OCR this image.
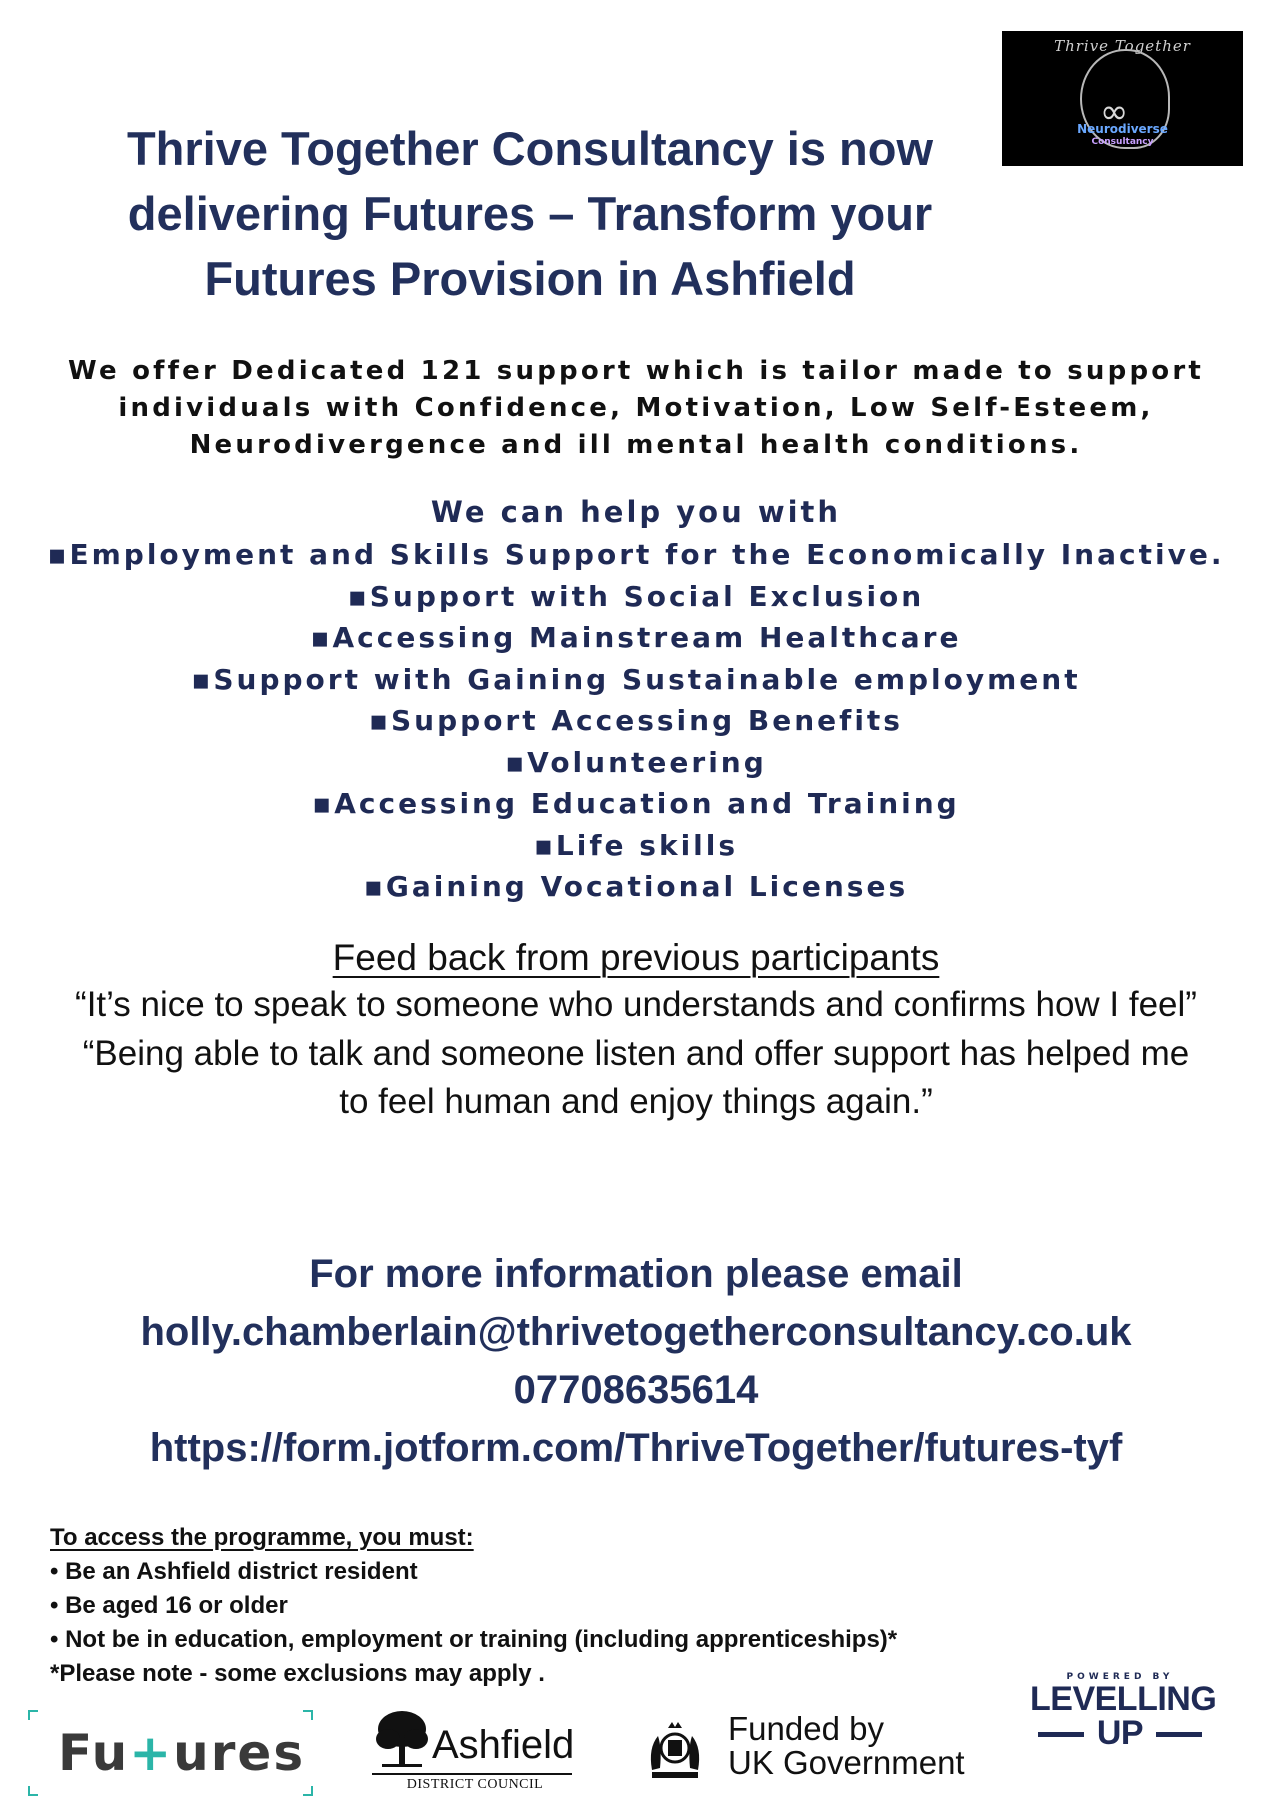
Thrive Together
∞
Neurodiverse
Consultancy
Thrive Together Consultancy is now
delivering Futures – Transform your
Futures Provision in Ashfield
We offer Dedicated 121 support which is tailor made to support
individuals with Confidence, Motivation, Low Self-Esteem,
Neurodivergence and ill mental health conditions.
We can help you with
▪Employment and Skills Support for the Economically Inactive.
▪Support with Social Exclusion
▪Accessing Mainstream Healthcare
▪Support with Gaining Sustainable employment
▪Support Accessing Benefits
▪Volunteering
▪Accessing Education and Training
▪Life skills
▪Gaining Vocational Licenses
Feed back from previous participants

“It’s nice to speak to someone who understands and confirms how I feel”

“Being able to talk and someone listen and offer support has helped me to feel human and enjoy things again.”

For more information please email
holly.chamberlain@thrivetogetherconsultancy.co.uk
07708635614
https://form.jotform.com/ThriveTogether/futures-tyf
To access the programme, you must:
• Be an Ashfield district resident
• Be aged 16 or older
• Not be in education, employment or training (including apprenticeships)*
*Please note - some exclusions may apply .
Fu+ures	Ashfield
DISTRICT COUNCIL
Funded by
UK Government
POWERED BY
LEVELLING
UP
